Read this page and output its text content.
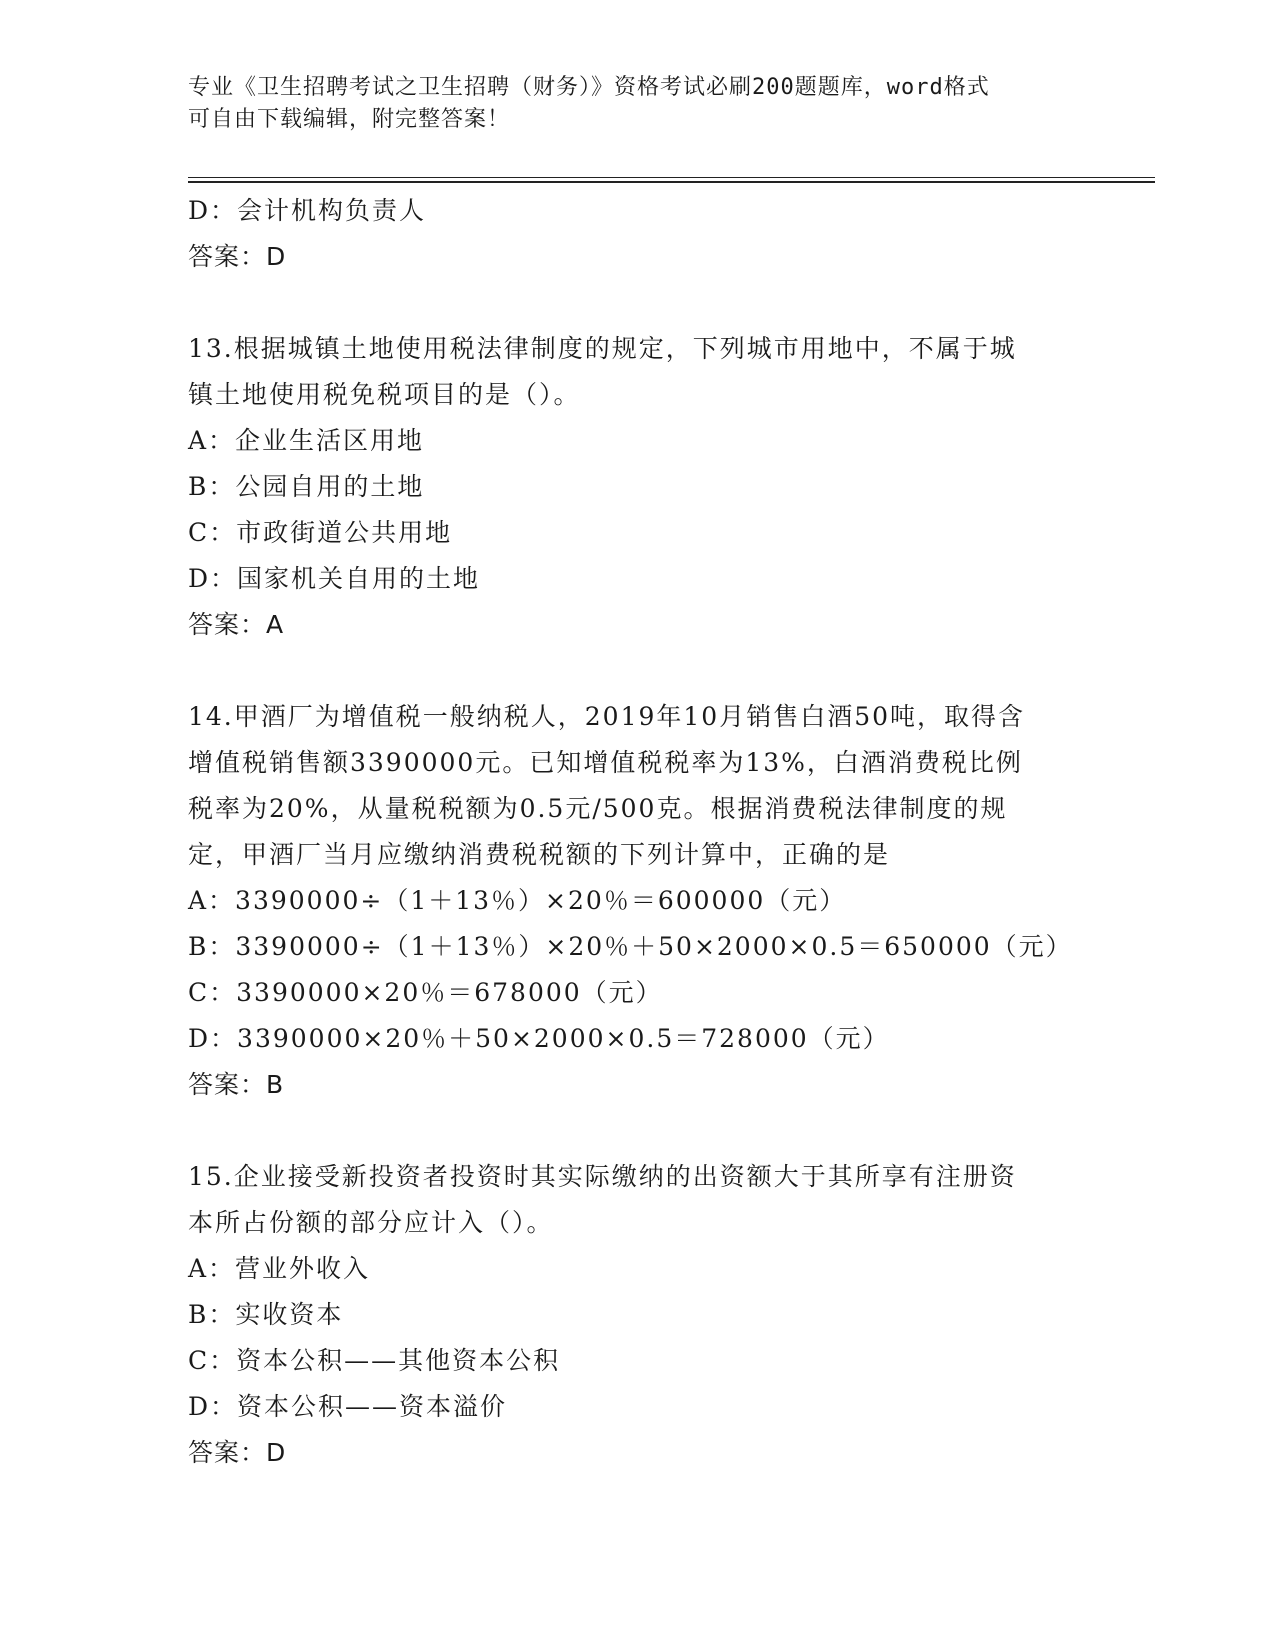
专业《卫生招聘考试之卫生招聘（财务）》资格考试必刷200题题库，word格式
可自由下载编辑，附完整答案！
D：会计机构负责人
答案：D
13.根据城镇土地使用税法律制度的规定，下列城市用地中，不属于城
镇土地使用税免税项目的是（）。
A：企业生活区用地
B：公园自用的土地
C：市政街道公共用地
D：国家机关自用的土地
答案：A
14.甲酒厂为增值税一般纳税人，2019年10月销售白酒50吨，取得含
增值税销售额3390000元。已知增值税税率为13%，白酒消费税比例
税率为20%，从量税税额为0.5元/500克。根据消费税法律制度的规
定，甲酒厂当月应缴纳消费税税额的下列计算中，正确的是
A：3390000÷（1＋13％）×20％＝600000（元）
B：3390000÷（1＋13％）×20％＋50×2000×0.5＝650000（元）
C：3390000×20％＝678000（元）
D：3390000×20％＋50×2000×0.5＝728000（元）
答案：B
15.企业接受新投资者投资时其实际缴纳的出资额大于其所享有注册资
本所占份额的部分应计入（）。
A：营业外收入
B：实收资本
C：资本公积——其他资本公积
D：资本公积——资本溢价
答案：D
